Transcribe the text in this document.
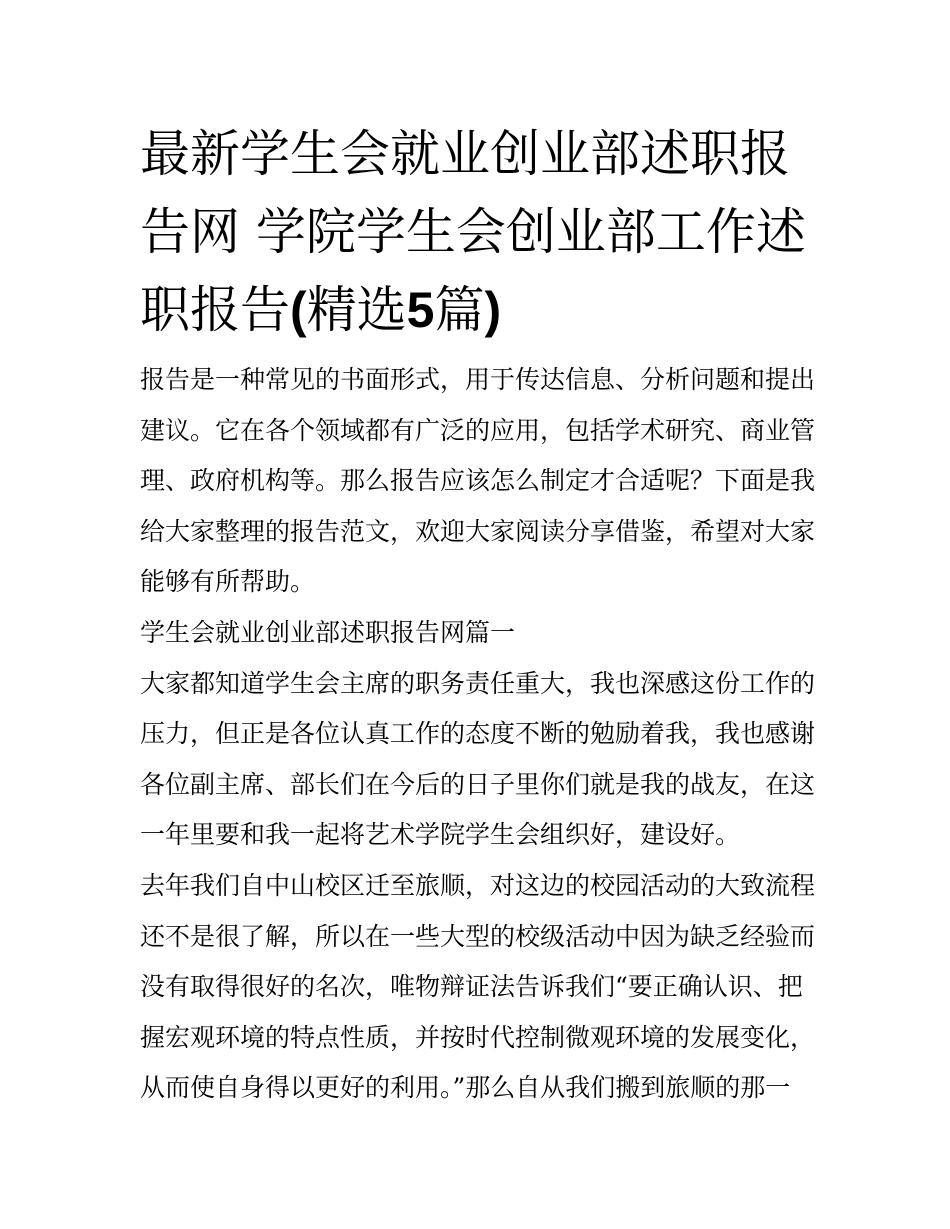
最新学生会就业创业部述职报
告网 学院学生会创业部工作述
职报告(精选5篇)
报告是一种常见的书面形式，用于传达信息、分析问题和提出
建议。它在各个领域都有广泛的应用，包括学术研究、商业管
理、政府机构等。那么报告应该怎么制定才合适呢？下面是我
给大家整理的报告范文，欢迎大家阅读分享借鉴，希望对大家
能够有所帮助。
学生会就业创业部述职报告网篇一
大家都知道学生会主席的职务责任重大，我也深感这份工作的
压力，但正是各位认真工作的态度不断的勉励着我，我也感谢
各位副主席、部长们在今后的日子里你们就是我的战友，在这
一年里要和我一起将艺术学院学生会组织好，建设好。
去年我们自中山校区迁至旅顺，对这边的校园活动的大致流程
还不是很了解，所以在一些大型的校级活动中因为缺乏经验而
没有取得很好的名次，唯物辩证法告诉我们“要正确认识、把
握宏观环境的特点性质，并按时代控制微观环境的发展变化，
从而使自身得以更好的利用。”那么自从我们搬到旅顺的那一
